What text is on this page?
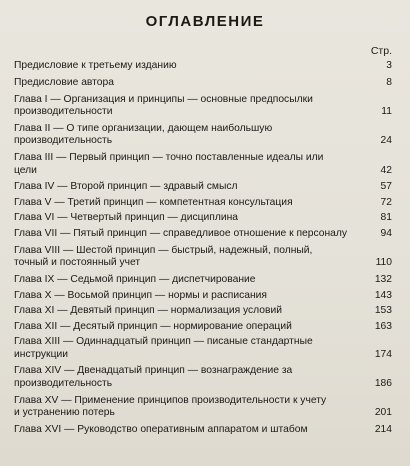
ОГЛАВЛЕНИЕ
Стр.
Предисловие к третьему изданию	3
Предисловие автора	8
Глава I — Организация и принципы — основные предпосылки
производительности	11
Глава II — О типе организации, дающем наибольшую производительность	24
Глава III — Первый принцип — точно поставленные идеалы или
цели	42
Глава IV — Второй принцип — здравый смысл	57
Глава V — Третий принцип — компетентная консультация	72
Глава VI — Четвертый принцип — дисциплина	81
Глава VII — Пятый принцип — справедливое отношение к персоналу	94
Глава VIII — Шестой принцип — быстрый, надежный, полный,
точный и постоянный учет	110
Глава IX — Седьмой принцип — диспетчирование	132
Глава X — Восьмой принцип — нормы и расписания	143
Глава XI — Девятый принцип — нормализация условий	153
Глава XII — Десятый принцип — нормирование операций	163
Глава XIII — Одиннадцатый принцип — писаные стандартные
инструкции	174
Глава XIV — Двенадцатый принцип — вознаграждение за производительность	186
Глава XV — Применение принципов производительности к учету
и устранению потерь	201
Глава XVI — Руководство оперативным аппаратом и штабом	214
